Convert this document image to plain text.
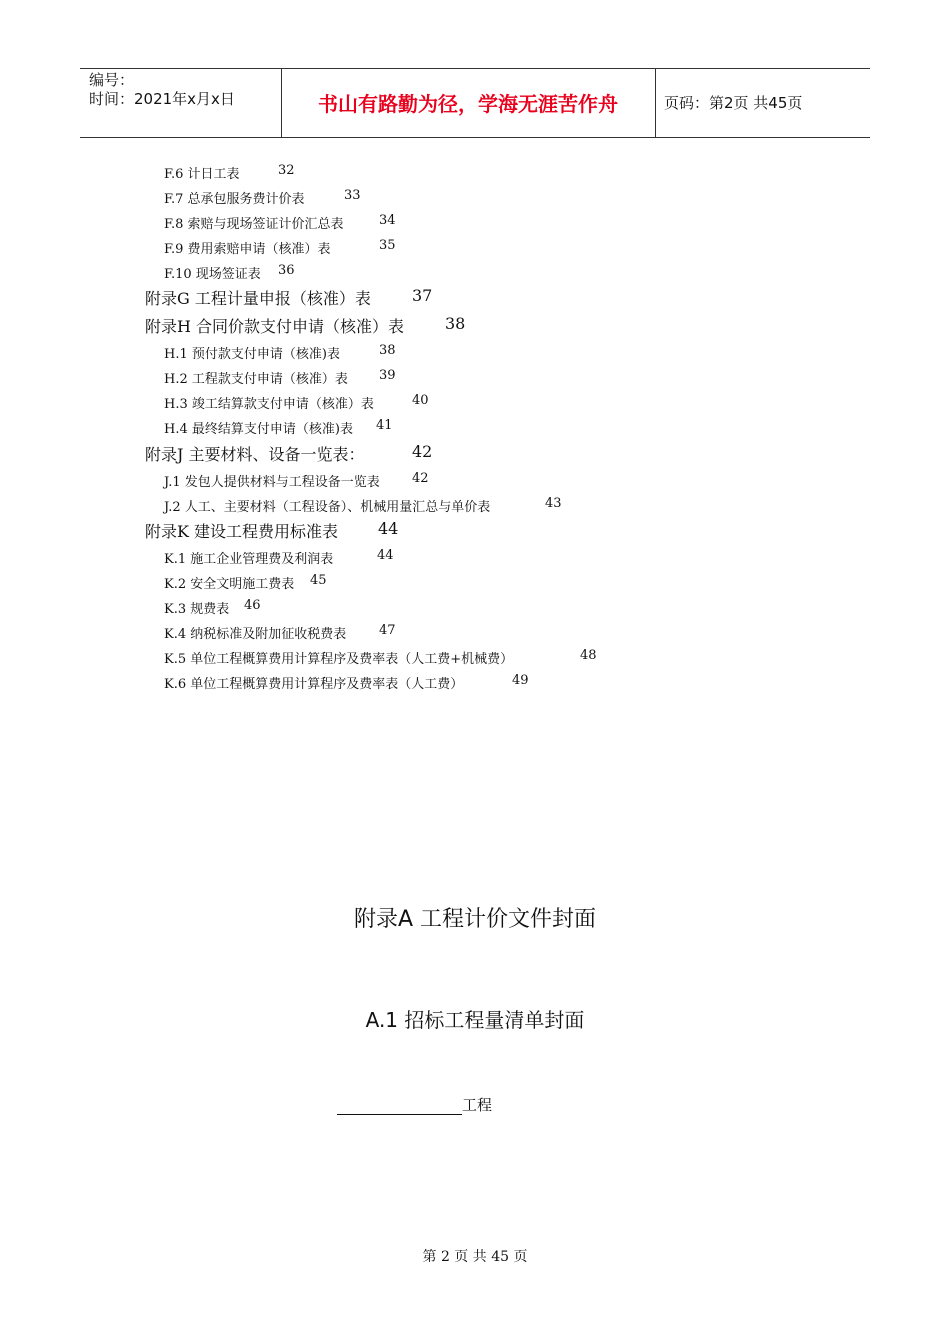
编号：
时间：2021年x月x日	书山有路勤为径，学海无涯苦作舟	页码：第2页 共45页
F.6 计日工表	32
F.7 总承包服务费计价表	33
F.8 索赔与现场签证计价汇总表	34
F.9 费用索赔申请（核准）表	35
F.10 现场签证表 36
附录G 工程计量申报（核准）表	37
附录H 合同价款支付申请（核准）表	38
H.1 预付款支付申请（核准)表	38
H.2 工程款支付申请（核准）表 39
H.3 竣工结算款支付申请（核准）表	40
H.4 最终结算支付申请（核准)表 41
附录J 主要材料、设备一览表：	42
J.1 发包人提供材料与工程设备一览表 42
J.2 人工、主要材料（工程设备）、机械用量汇总与单价表	43
附录K 建设工程费用标准表 44
K.1 施工企业管理费及利润表	44
K.2 安全文明施工费表 45
K.3 规费表 46
K.4 纳税标准及附加征收税费表	47
K.5 单位工程概算费用计算程序及费率表（人工费+机械费）	48
K.6 单位工程概算费用计算程序及费率表（人工费）	49
附录A 工程计价文件封面
A.1 招标工程量清单封面
工程
第 2 页 共 45 页
